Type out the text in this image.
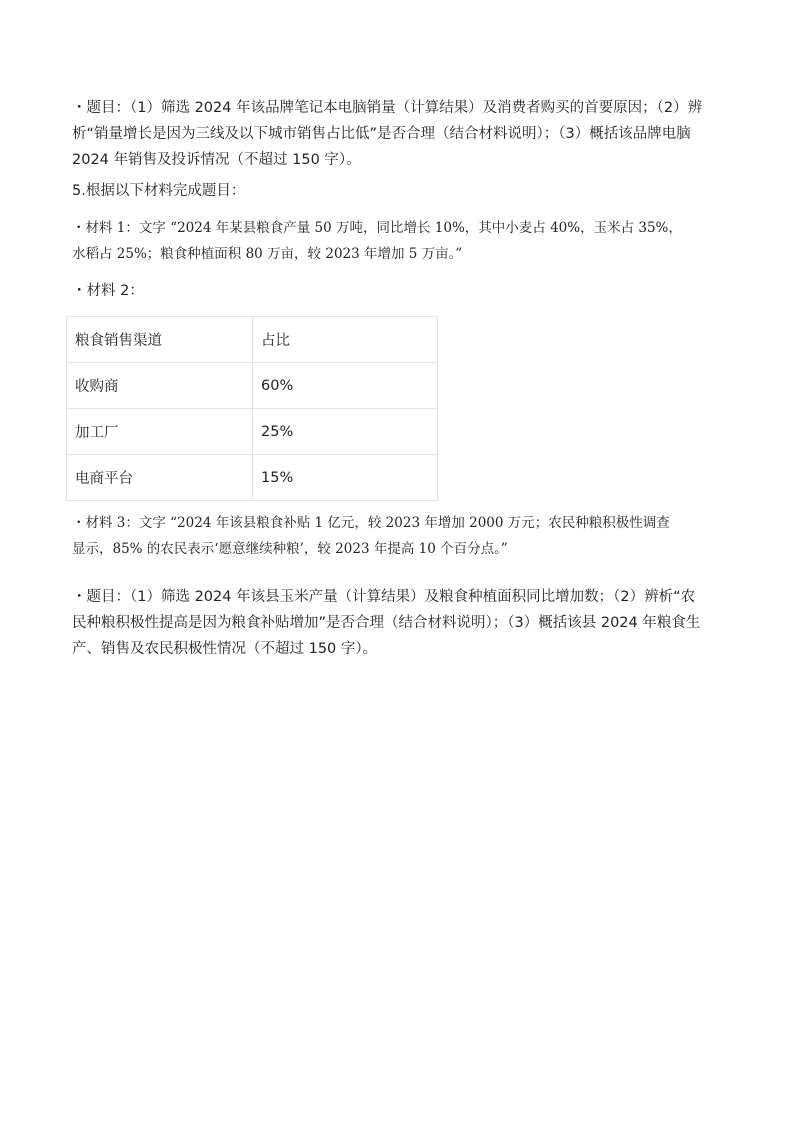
・题目：（1）筛选 2024 年该品牌笔记本电脑销量（计算结果）及消费者购买的首要原因；（2）辨
析“销量增长是因为三线及以下城市销售占比低”是否合理（结合材料说明）；（3）概括该品牌电脑
2024 年销售及投诉情况（不超过 150 字）。
5.根据以下材料完成题目：
・材料 1：文字 “2024 年某县粮食产量 50 万吨，同比增长 10%，其中小麦占 40%，玉米占 35%，
水稻占 25%；粮食种植面积 80 万亩，较 2023 年增加 5 万亩。”
・材料 2：
粮食销售渠道	占比
收购商	60%
加工厂	25%
电商平台	15%
・材料 3：文字 “2024 年该县粮食补贴 1 亿元，较 2023 年增加 2000 万元；农民种粮积极性调查
显示，85% 的农民表示‘愿意继续种粮’，较 2023 年提高 10 个百分点。”
・题目：（1）筛选 2024 年该县玉米产量（计算结果）及粮食种植面积同比增加数；（2）辨析“农
民种粮积极性提高是因为粮食补贴增加”是否合理（结合材料说明）；（3）概括该县 2024 年粮食生
产、销售及农民积极性情况（不超过 150 字）。
